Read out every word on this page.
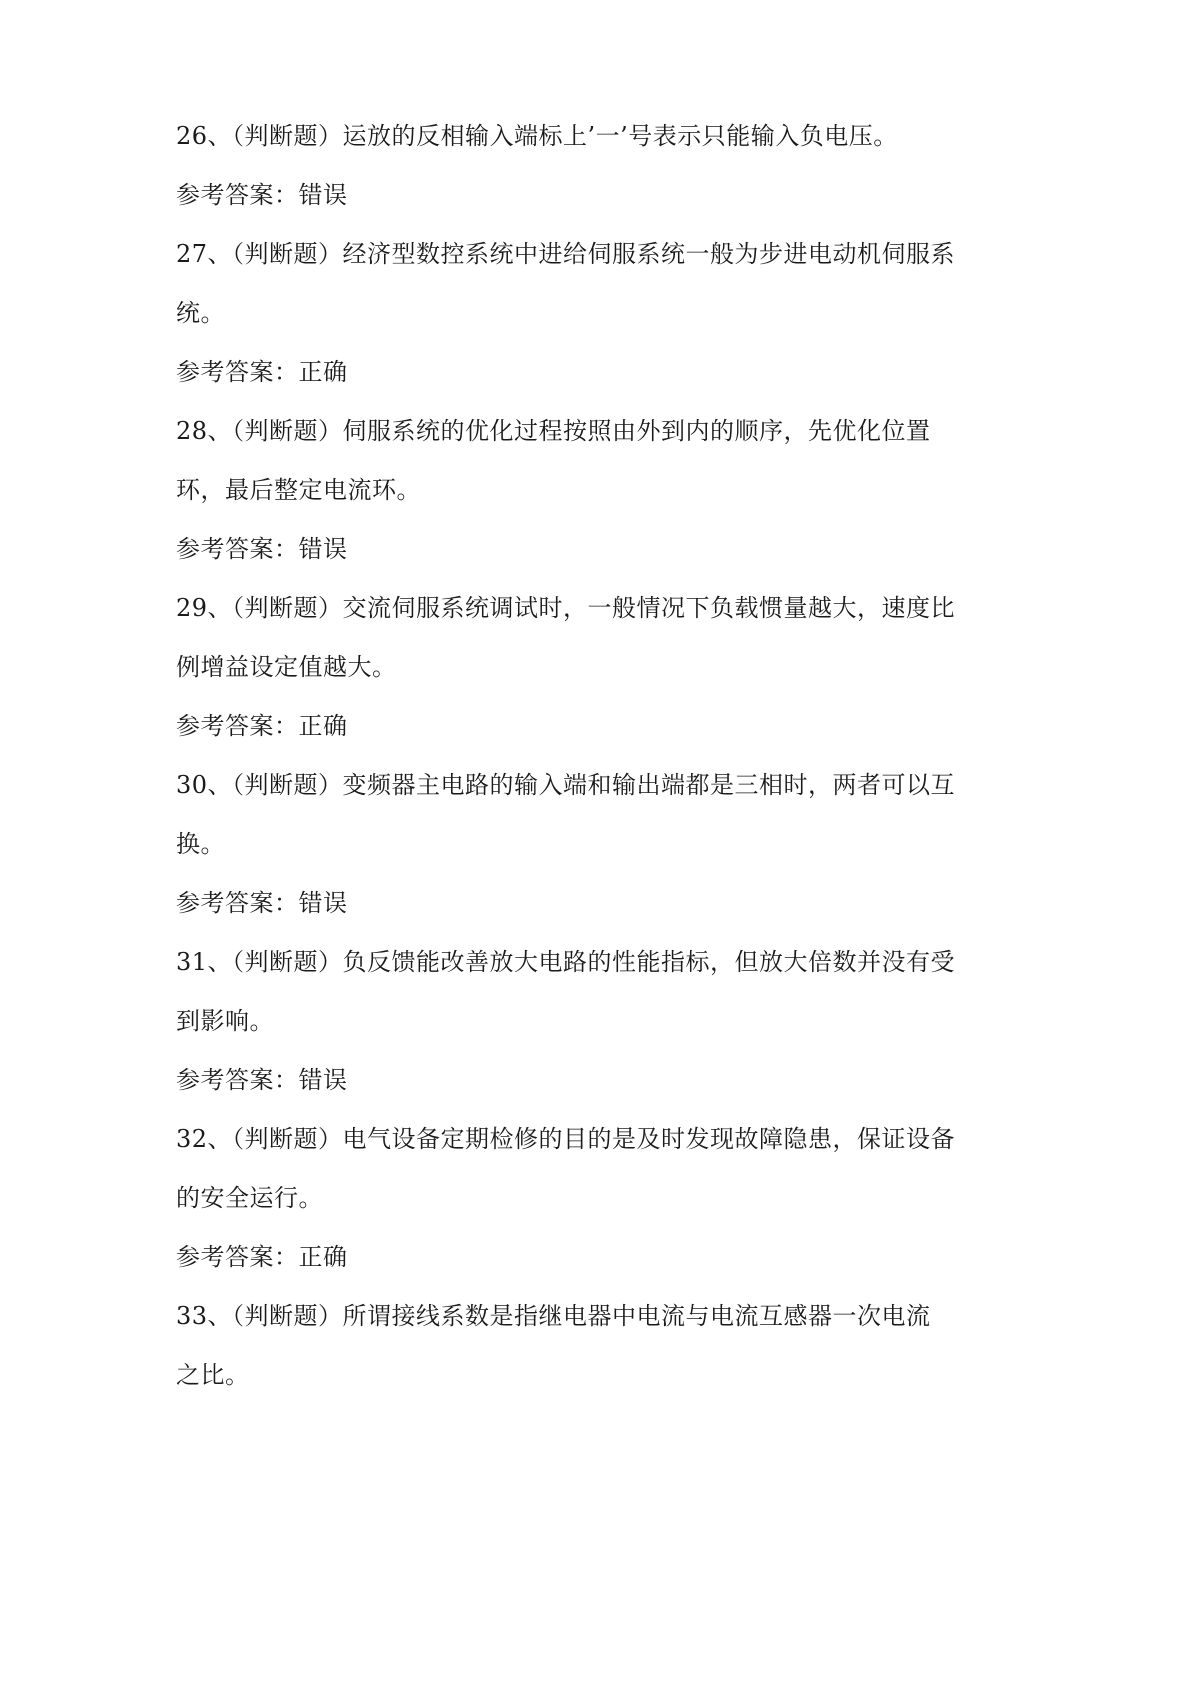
26、（判断题）运放的反相输入端标上’一’号表示只能输入负电压。

参考答案：错误

27、（判断题）经济型数控系统中进给伺服系统一般为步进电动机伺服系

统。

参考答案：正确

28、（判断题）伺服系统的优化过程按照由外到内的顺序，先优化位置

环，最后整定电流环。

参考答案：错误

29、（判断题）交流伺服系统调试时，一般情况下负载惯量越大，速度比

例增益设定值越大。

参考答案：正确

30、（判断题）变频器主电路的输入端和输出端都是三相时，两者可以互

换。

参考答案：错误

31、（判断题）负反馈能改善放大电路的性能指标，但放大倍数并没有受

到影响。

参考答案：错误

32、（判断题）电气设备定期检修的目的是及时发现故障隐患，保证设备

的安全运行。

参考答案：正确

33、（判断题）所谓接线系数是指继电器中电流与电流互感器一次电流

之比。
